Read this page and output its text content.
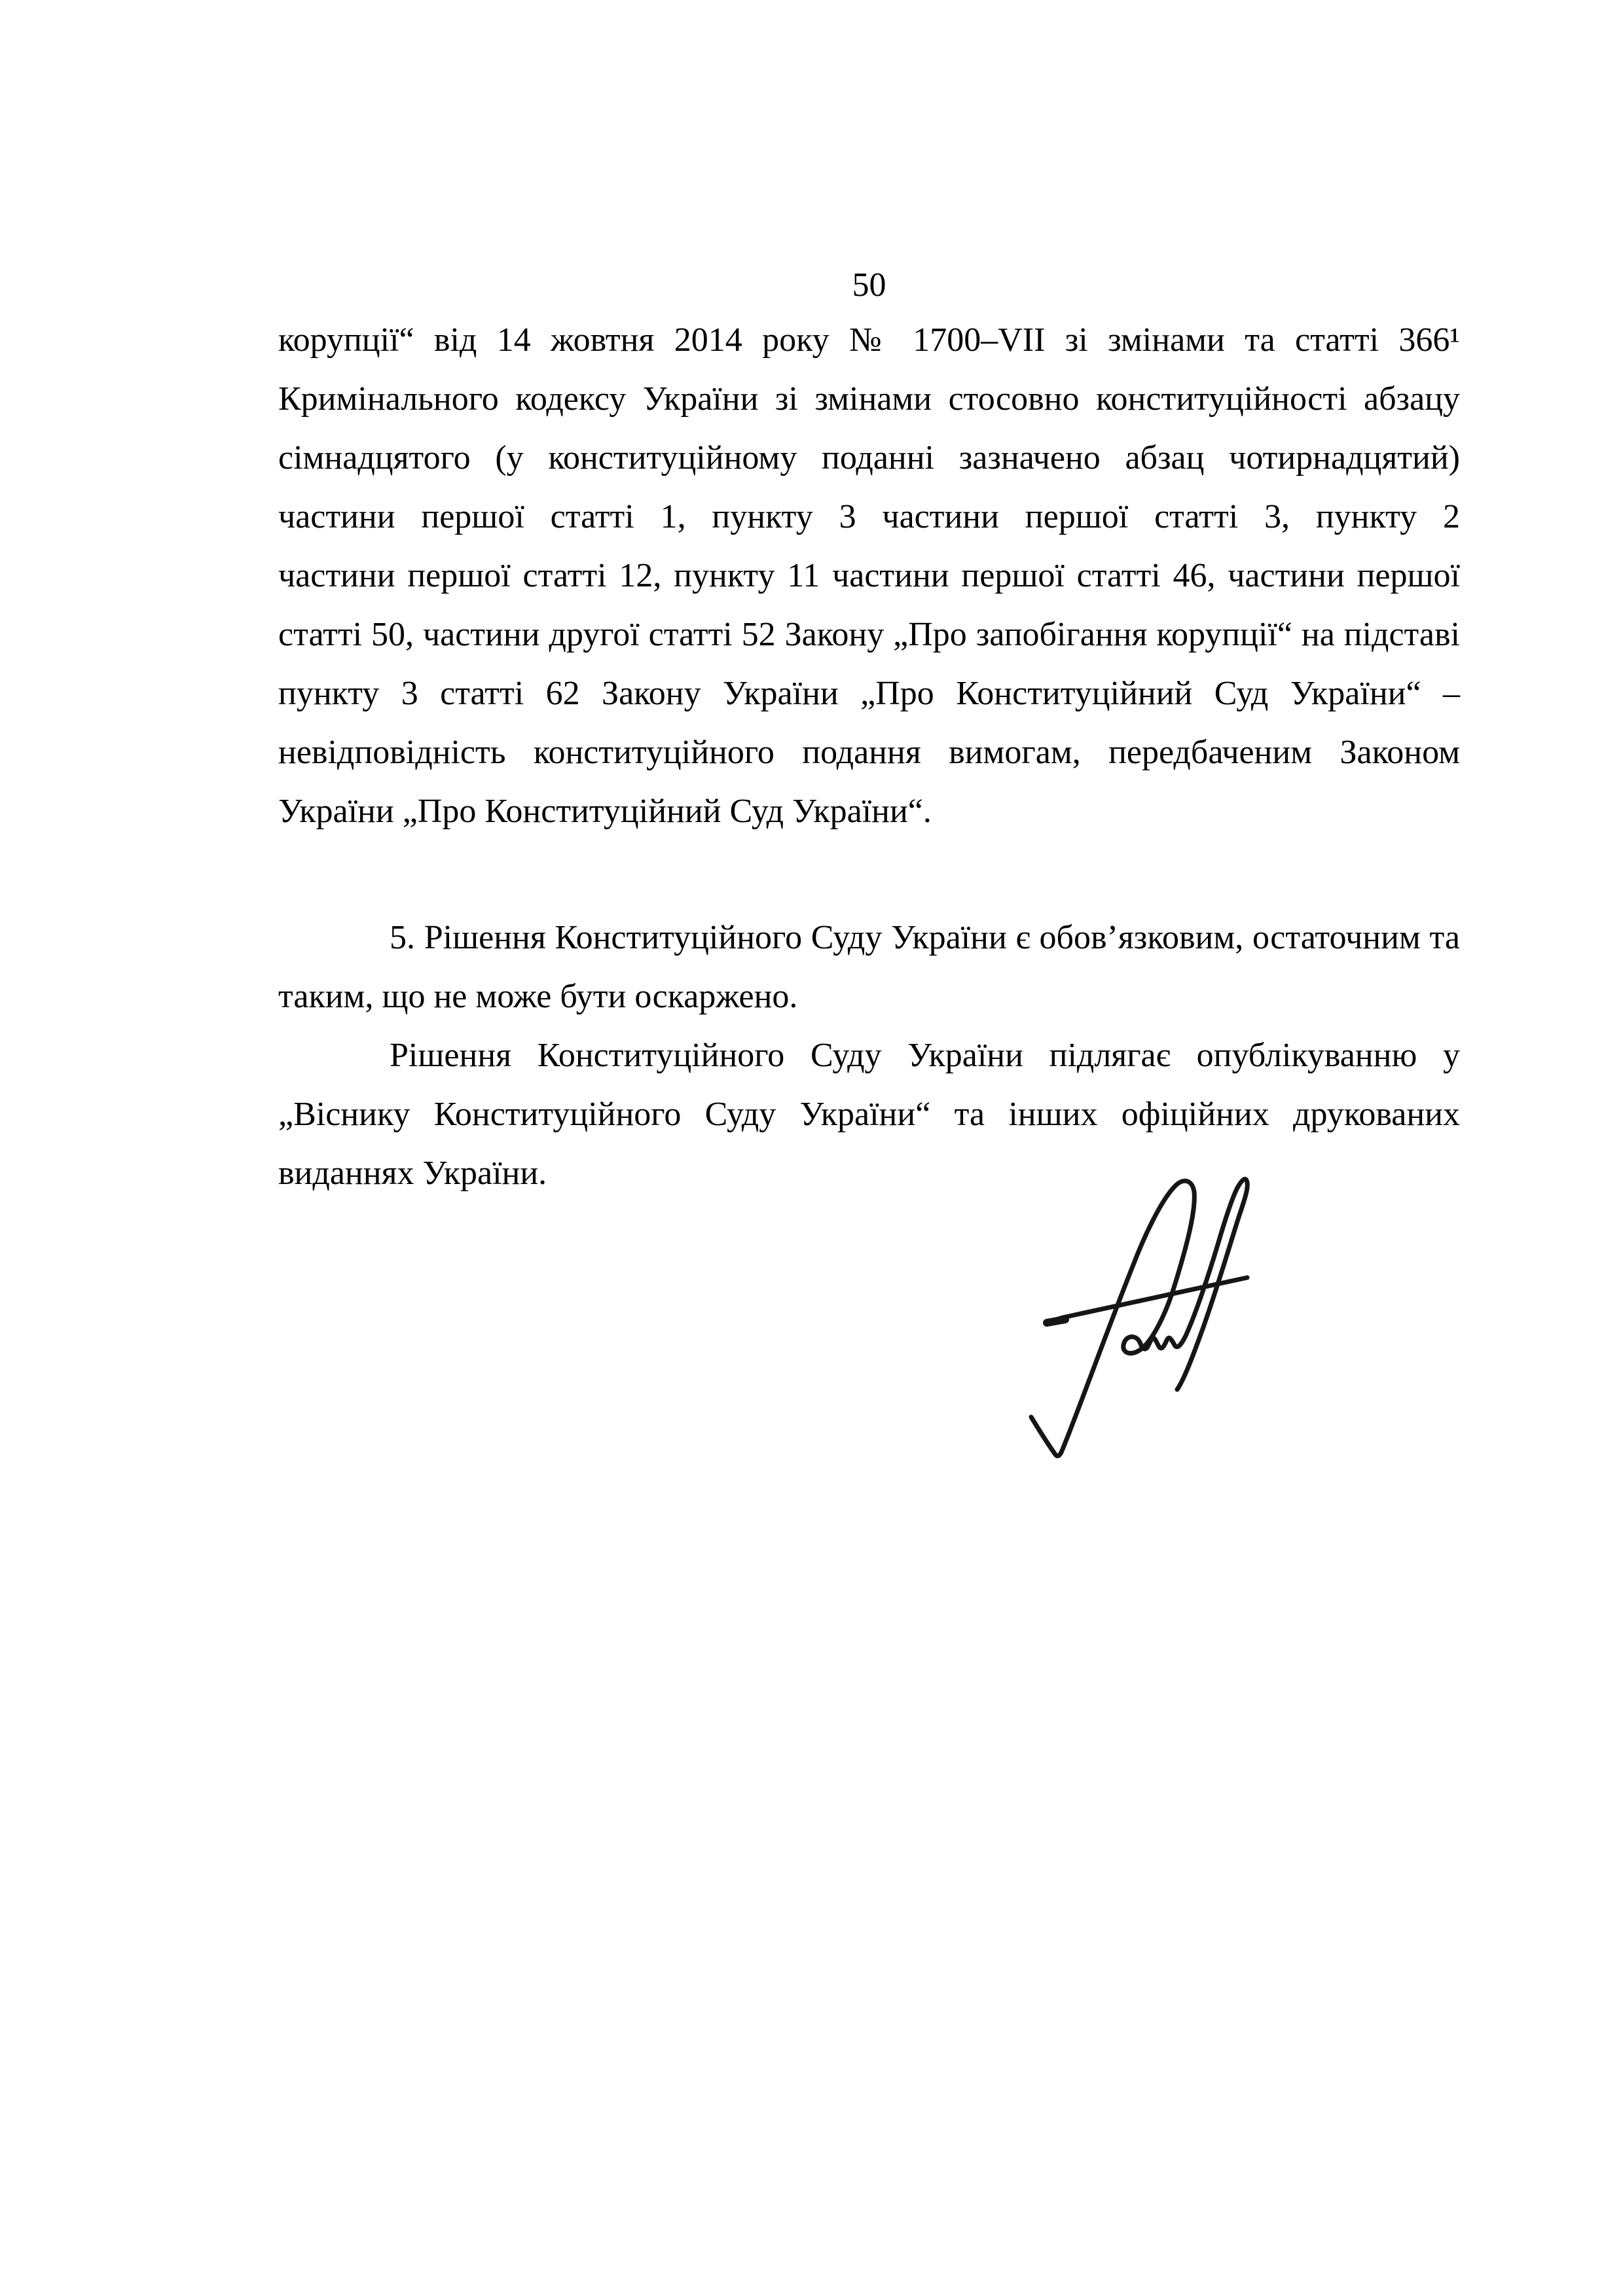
50
корупції“ від 14 жовтня 2014 року № 1700–VII зі змінами та статті 366¹
Кримінального кодексу України зі змінами стосовно конституційності абзацу
сімнадцятого (у конституційному поданні зазначено абзац чотирнадцятий)
частини першої статті 1, пункту 3 частини першої статті 3, пункту 2
частини першої статті 12, пункту 11 частини першої статті 46, частини першої
статті 50, частини другої статті 52 Закону „Про запобігання корупції“ на підставі
пункту 3 статті 62 Закону України „Про Конституційний Суд України“ –
невідповідність конституційного подання вимогам, передбаченим Законом
України „Про Конституційний Суд України“.
5. Рішення Конституційного Суду України є обов’язковим, остаточним та
таким, що не може бути оскаржено.
Рішення Конституційного Суду України підлягає опублікуванню у
„Віснику Конституційного Суду України“ та інших офіційних друкованих
виданнях України.
